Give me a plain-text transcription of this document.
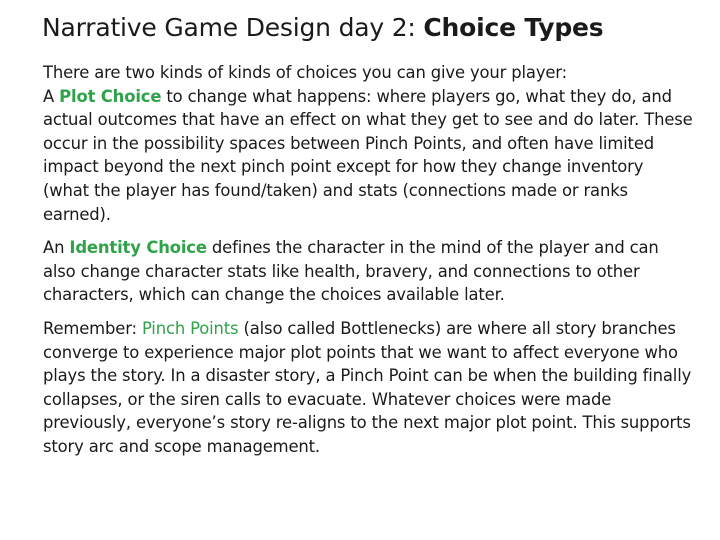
Narrative Game Design day 2: Choice Types

There are two kinds of kinds of choices you can give your player:
A Plot Choice to change what happens: where players go, what they do, and actual outcomes that have an effect on what they get to see and do later. These occur in the possibility spaces between Pinch Points, and often have limited impact beyond the next pinch point except for how they change inventory (what the player has found/taken) and stats (connections made or ranks earned).

An Identity Choice defines the character in the mind of the player and can also change character stats like health, bravery, and connections to other characters, which can change the choices available later.

Remember: Pinch Points (also called Bottlenecks) are where all story branches converge to experience major plot points that we want to affect everyone who plays the story. In a disaster story, a Pinch Point can be when the building finally collapses, or the siren calls to evacuate. Whatever choices were made previously, everyone’s story re-aligns to the next major plot point. This supports story arc and scope management.
